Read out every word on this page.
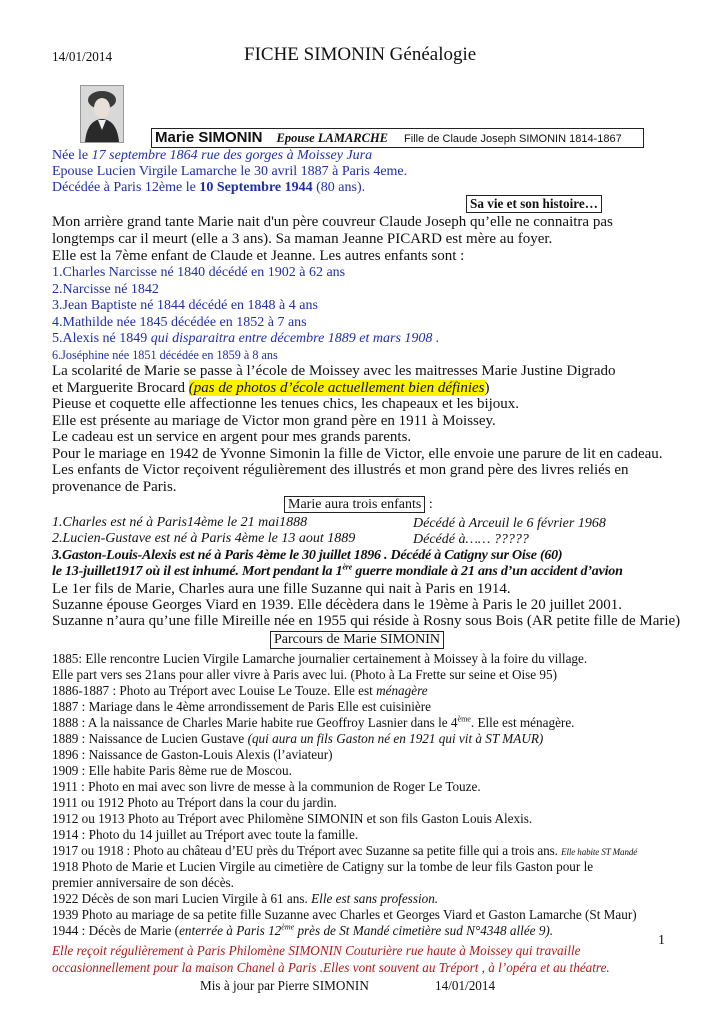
14/01/2014	FICHE SIMONIN Généalogie
Marie SIMONIN Epouse LAMARCHE Fille de Claude Joseph SIMONIN 1814-1867
Née le 17 septembre 1864 rue des gorges à Moissey Jura
Epouse Lucien Virgile Lamarche le 30 avril 1887 à Paris 4eme.
Décédée à Paris 12ème le 10 Septembre 1944 (80 ans).
Sa vie et son histoire…
Mon arrière grand tante Marie nait d'un père couvreur Claude Joseph qu’elle ne connaitra pas
longtemps car il meurt (elle a 3 ans). Sa maman Jeanne PICARD est mère au foyer.
Elle est la 7ème enfant de Claude et Jeanne. Les autres enfants sont :
1.Charles Narcisse né 1840 décédé en 1902 à 62 ans
2.Narcisse né 1842
3.Jean Baptiste né 1844 décédé en 1848 à 4 ans
4.Mathilde née 1845 décédée en 1852 à 7 ans
5.Alexis né 1849 qui disparaitra entre décembre 1889 et mars 1908 .
6.Joséphine née 1851 décédée en 1859 à 8 ans
La scolarité de Marie se passe à l’école de Moissey avec les maitresses Marie Justine Digrado
et Marguerite Brocard (pas de photos d’école actuellement bien définies)
Pieuse et coquette elle affectionne les tenues chics, les chapeaux et les bijoux.
Elle est présente au mariage de Victor mon grand père en 1911 à Moissey.
Le cadeau est un service en argent pour mes grands parents.
Pour le mariage en 1942 de Yvonne Simonin la fille de Victor, elle envoie une parure de lit en cadeau.
Les enfants de Victor reçoivent régulièrement des illustrés et mon grand père des livres reliés en
provenance de Paris.
Marie aura trois enfants :
1.Charles est né à Paris14ème le 21 mai1888	Décédé à Arceuil le 6 février 1968
2.Lucien-Gustave est né à Paris 4ème le 13 aout 1889	Décédé à…… ?????
3.Gaston-Louis-Alexis est né à Paris 4ème le 30 juillet 1896 . Décédé à Catigny sur Oise (60)
le 13-juillet1917 où il est inhumé. Mort pendant la 1ère guerre mondiale à 21 ans d’un accident d’avion
Le 1er fils de Marie, Charles aura une fille Suzanne qui nait à Paris en 1914.
Suzanne épouse Georges Viard en 1939. Elle décèdera dans le 19ème à Paris le 20 juillet 2001.
Suzanne n’aura qu’une fille Mireille née en 1955 qui réside à Rosny sous Bois (AR petite fille de Marie)
Parcours de Marie SIMONIN
1885: Elle rencontre Lucien Virgile Lamarche journalier certainement à Moissey à la foire du village.
Elle part vers ses 21ans pour aller vivre à Paris avec lui. (Photo à La Frette sur seine et Oise 95)
1886-1887 : Photo au Tréport avec Louise Le Touze. Elle est ménagère
1887 : Mariage dans le 4ème arrondissement de Paris Elle est cuisinière
1888 : A la naissance de Charles Marie habite rue Geoffroy Lasnier dans le 4ème. Elle est ménagère.
1889 : Naissance de Lucien Gustave (qui aura un fils Gaston né en 1921 qui vit à ST MAUR)
1896 : Naissance de Gaston-Louis Alexis (l’aviateur)
1909 : Elle habite Paris 8ème rue de Moscou.
1911 : Photo en mai avec son livre de messe à la communion de Roger Le Touze.
1911 ou 1912 Photo au Tréport dans la cour du jardin.
1912 ou 1913 Photo au Tréport avec Philomène SIMONIN et son fils Gaston Louis Alexis.
1914 : Photo du 14 juillet au Tréport avec toute la famille.
1917 ou 1918 : Photo au château d’EU près du Tréport avec Suzanne sa petite fille qui a trois ans. Elle habite ST Mandé
1918 Photo de Marie et Lucien Virgile au cimetière de Catigny sur la tombe de leur fils Gaston pour le
premier anniversaire de son décès.
1922 Décès de son mari Lucien Virgile à 61 ans. Elle est sans profession.
1939 Photo au mariage de sa petite fille Suzanne avec Charles et Georges Viard et Gaston Lamarche (St Maur)
1944 : Décès de Marie (enterrée à Paris 12ème près de St Mandé cimetière sud N°4348 allée 9).
Elle reçoit régulièrement à Paris Philomène SIMONIN Couturière rue haute à Moissey qui travaille
occasionnellement pour la maison Chanel à Paris .Elles vont souvent au Tréport , à l’opéra et au théatre.
1
Mis à jour par Pierre SIMONIN	14/01/2014
